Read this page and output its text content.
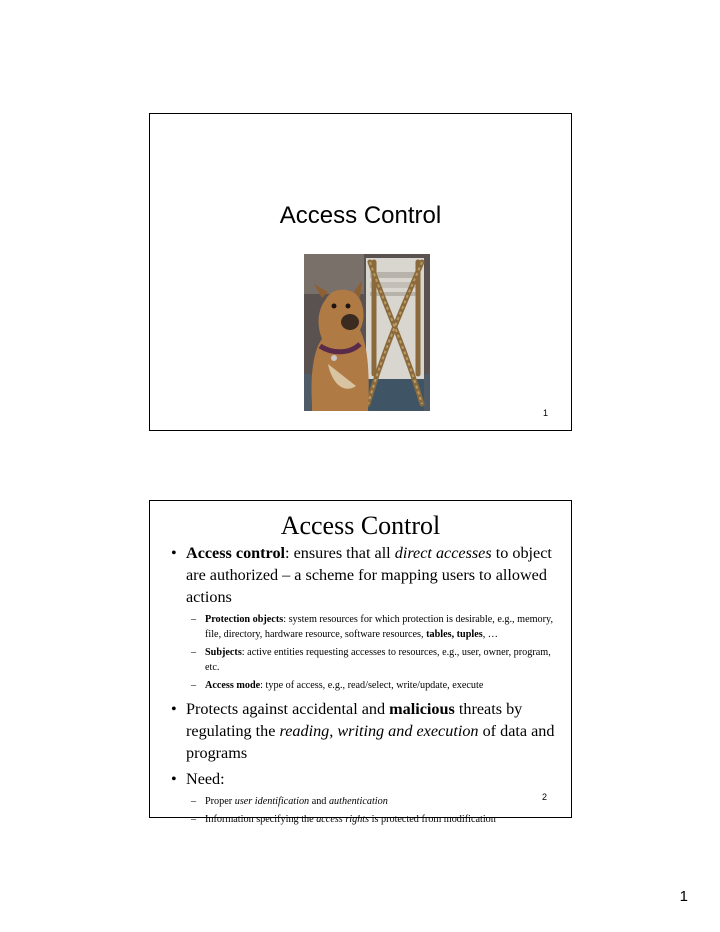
Access Control
1
Access Control
• Access control: ensures that all direct accesses to object are authorized – a scheme for mapping users to allowed actions
– Protection objects: system resources for which protection is desirable, e.g., memory, file, directory, hardware resource, software resources, tables, tuples, …
– Subjects: active entities requesting accesses to resources, e.g., user, owner, program, etc.
– Access mode: type of access, e.g., read/select, write/update, execute
• Protects against accidental and malicious threats by regulating the reading, writing and execution of data and programs
• Need:
– Proper user identification and authentication
– Information specifying the access rights is protected from modification
2
1
